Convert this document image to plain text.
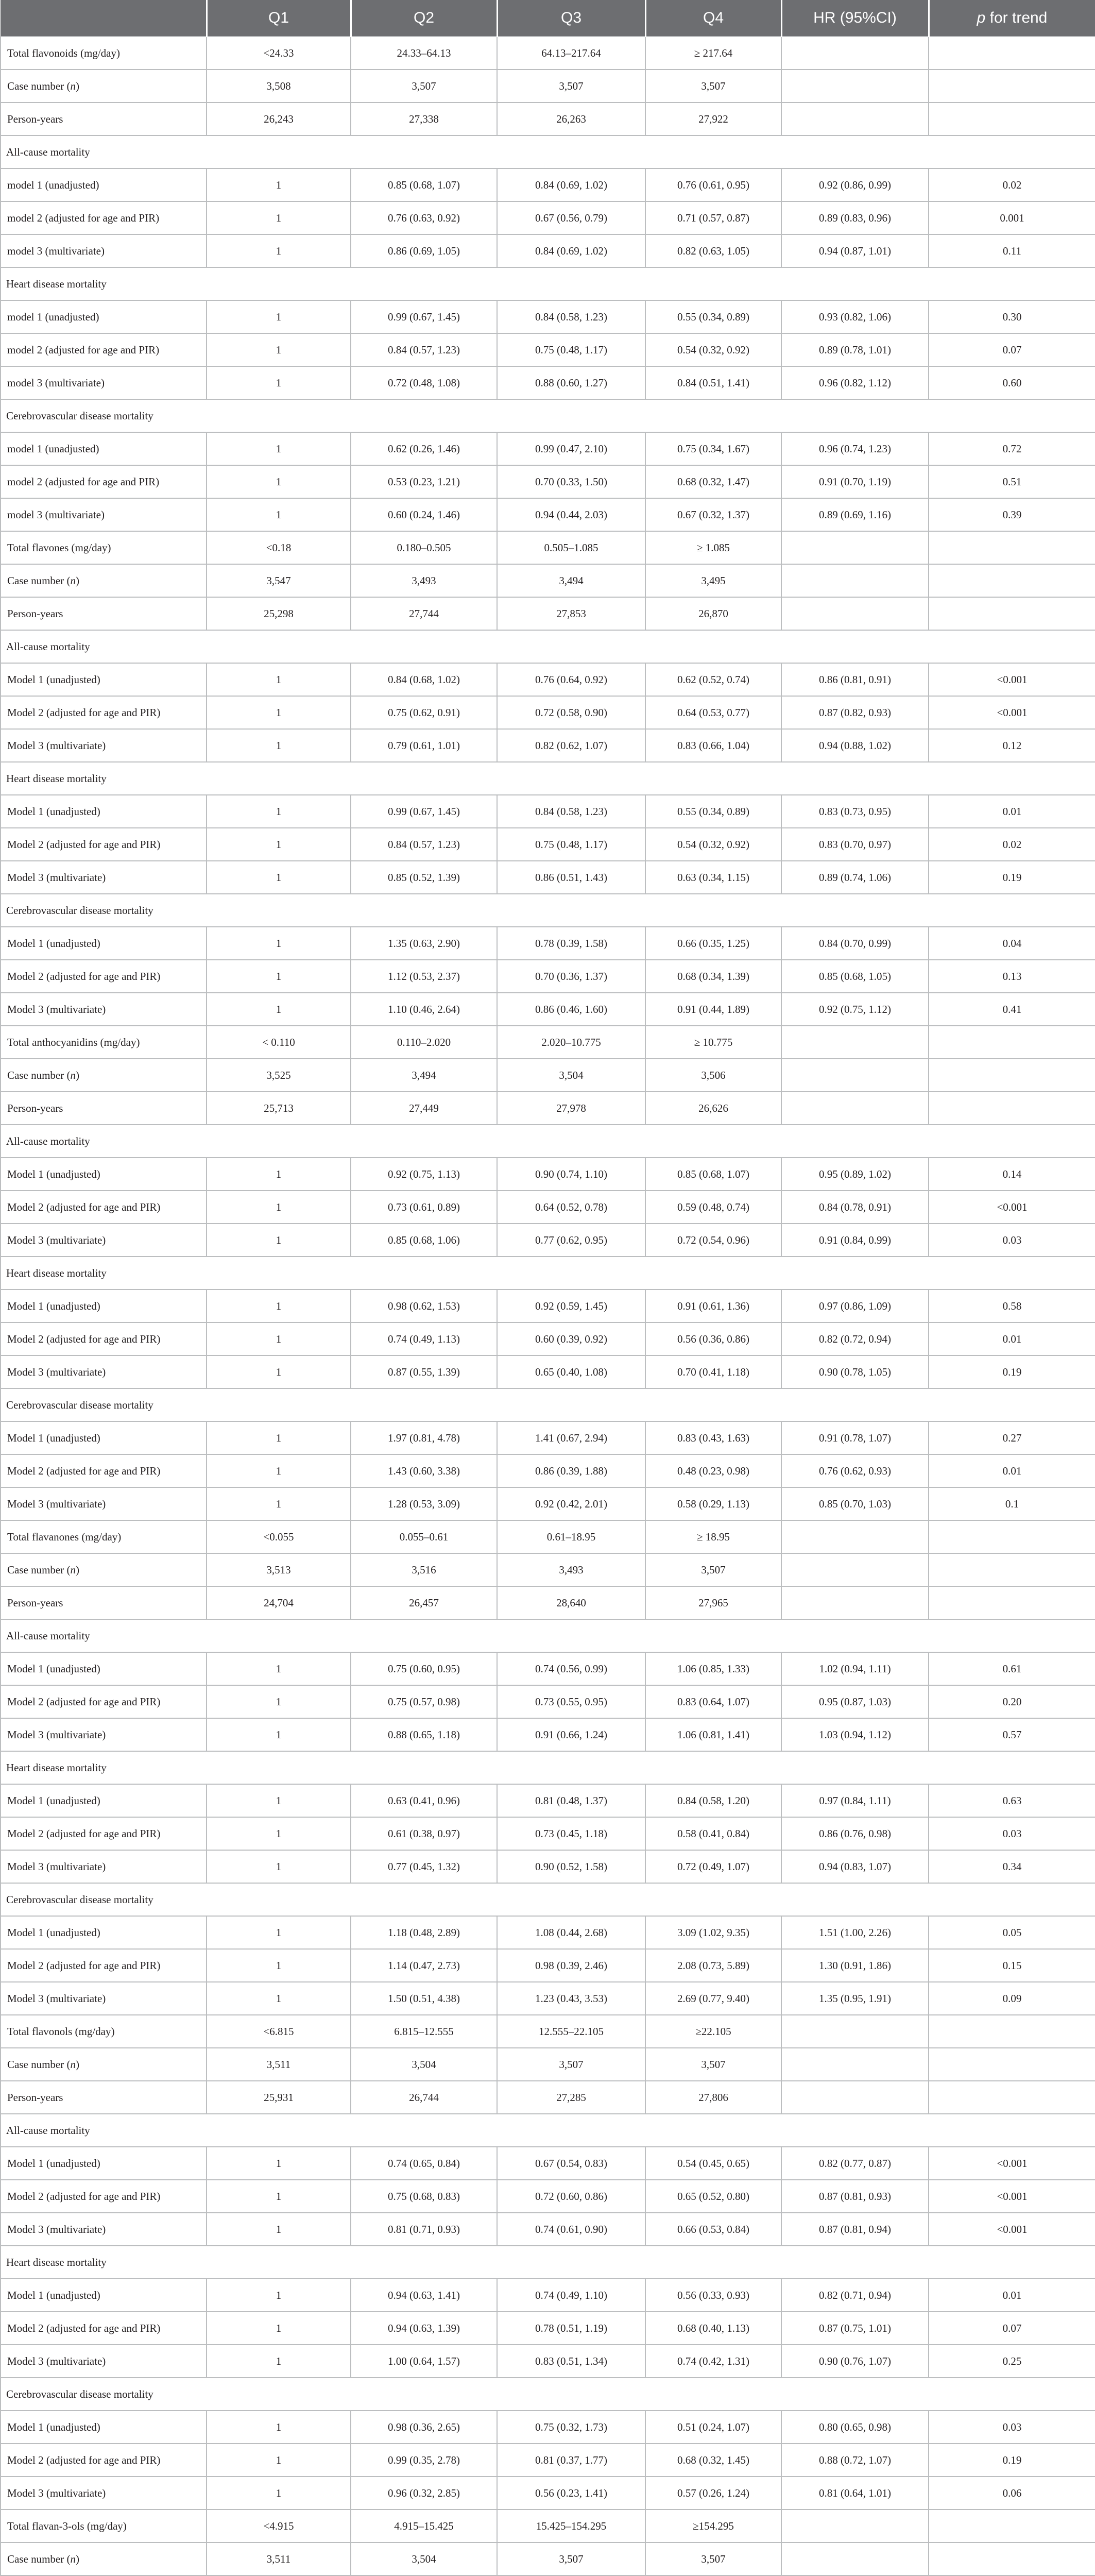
	Q1	Q2	Q3	Q4	HR (95%CI)	p for trend
Total flavonoids (mg/day)	<24.33	24.33–64.13	64.13–217.64	≥ 217.64		
Case number (n)	3,508	3,507	3,507	3,507		
Person-years	26,243	27,338	26,263	27,922		
All-cause mortality						
model 1 (unadjusted)	1	0.85 (0.68, 1.07)	0.84 (0.69, 1.02)	0.76 (0.61, 0.95)	0.92 (0.86, 0.99)	0.02
model 2 (adjusted for age and PIR)	1	0.76 (0.63, 0.92)	0.67 (0.56, 0.79)	0.71 (0.57, 0.87)	0.89 (0.83, 0.96)	0.001
model 3 (multivariate)	1	0.86 (0.69, 1.05)	0.84 (0.69, 1.02)	0.82 (0.63, 1.05)	0.94 (0.87, 1.01)	0.11
Heart disease mortality						
model 1 (unadjusted)	1	0.99 (0.67, 1.45)	0.84 (0.58, 1.23)	0.55 (0.34, 0.89)	0.93 (0.82, 1.06)	0.30
model 2 (adjusted for age and PIR)	1	0.84 (0.57, 1.23)	0.75 (0.48, 1.17)	0.54 (0.32, 0.92)	0.89 (0.78, 1.01)	0.07
model 3 (multivariate)	1	0.72 (0.48, 1.08)	0.88 (0.60, 1.27)	0.84 (0.51, 1.41)	0.96 (0.82, 1.12)	0.60
Cerebrovascular disease mortality						
model 1 (unadjusted)	1	0.62 (0.26, 1.46)	0.99 (0.47, 2.10)	0.75 (0.34, 1.67)	0.96 (0.74, 1.23)	0.72
model 2 (adjusted for age and PIR)	1	0.53 (0.23, 1.21)	0.70 (0.33, 1.50)	0.68 (0.32, 1.47)	0.91 (0.70, 1.19)	0.51
model 3 (multivariate)	1	0.60 (0.24, 1.46)	0.94 (0.44, 2.03)	0.67 (0.32, 1.37)	0.89 (0.69, 1.16)	0.39
Total flavones (mg/day)	<0.18	0.180–0.505	0.505–1.085	≥ 1.085		
Case number (n)	3,547	3,493	3,494	3,495		
Person-years	25,298	27,744	27,853	26,870		
All-cause mortality						
Model 1 (unadjusted)	1	0.84 (0.68, 1.02)	0.76 (0.64, 0.92)	0.62 (0.52, 0.74)	0.86 (0.81, 0.91)	<0.001
Model 2 (adjusted for age and PIR)	1	0.75 (0.62, 0.91)	0.72 (0.58, 0.90)	0.64 (0.53, 0.77)	0.87 (0.82, 0.93)	<0.001
Model 3 (multivariate)	1	0.79 (0.61, 1.01)	0.82 (0.62, 1.07)	0.83 (0.66, 1.04)	0.94 (0.88, 1.02)	0.12
Heart disease mortality						
Model 1 (unadjusted)	1	0.99 (0.67, 1.45)	0.84 (0.58, 1.23)	0.55 (0.34, 0.89)	0.83 (0.73, 0.95)	0.01
Model 2 (adjusted for age and PIR)	1	0.84 (0.57, 1.23)	0.75 (0.48, 1.17)	0.54 (0.32, 0.92)	0.83 (0.70, 0.97)	0.02
Model 3 (multivariate)	1	0.85 (0.52, 1.39)	0.86 (0.51, 1.43)	0.63 (0.34, 1.15)	0.89 (0.74, 1.06)	0.19
Cerebrovascular disease mortality						
Model 1 (unadjusted)	1	1.35 (0.63, 2.90)	0.78 (0.39, 1.58)	0.66 (0.35, 1.25)	0.84 (0.70, 0.99)	0.04
Model 2 (adjusted for age and PIR)	1	1.12 (0.53, 2.37)	0.70 (0.36, 1.37)	0.68 (0.34, 1.39)	0.85 (0.68, 1.05)	0.13
Model 3 (multivariate)	1	1.10 (0.46, 2.64)	0.86 (0.46, 1.60)	0.91 (0.44, 1.89)	0.92 (0.75, 1.12)	0.41
Total anthocyanidins (mg/day)	< 0.110	0.110–2.020	2.020–10.775	≥ 10.775		
Case number (n)	3,525	3,494	3,504	3,506		
Person-years	25,713	27,449	27,978	26,626		
All-cause mortality						
Model 1 (unadjusted)	1	0.92 (0.75, 1.13)	0.90 (0.74, 1.10)	0.85 (0.68, 1.07)	0.95 (0.89, 1.02)	0.14
Model 2 (adjusted for age and PIR)	1	0.73 (0.61, 0.89)	0.64 (0.52, 0.78)	0.59 (0.48, 0.74)	0.84 (0.78, 0.91)	<0.001
Model 3 (multivariate)	1	0.85 (0.68, 1.06)	0.77 (0.62, 0.95)	0.72 (0.54, 0.96)	0.91 (0.84, 0.99)	0.03
Heart disease mortality						
Model 1 (unadjusted)	1	0.98 (0.62, 1.53)	0.92 (0.59, 1.45)	0.91 (0.61, 1.36)	0.97 (0.86, 1.09)	0.58
Model 2 (adjusted for age and PIR)	1	0.74 (0.49, 1.13)	0.60 (0.39, 0.92)	0.56 (0.36, 0.86)	0.82 (0.72, 0.94)	0.01
Model 3 (multivariate)	1	0.87 (0.55, 1.39)	0.65 (0.40, 1.08)	0.70 (0.41, 1.18)	0.90 (0.78, 1.05)	0.19
Cerebrovascular disease mortality						
Model 1 (unadjusted)	1	1.97 (0.81, 4.78)	1.41 (0.67, 2.94)	0.83 (0.43, 1.63)	0.91 (0.78, 1.07)	0.27
Model 2 (adjusted for age and PIR)	1	1.43 (0.60, 3.38)	0.86 (0.39, 1.88)	0.48 (0.23, 0.98)	0.76 (0.62, 0.93)	0.01
Model 3 (multivariate)	1	1.28 (0.53, 3.09)	0.92 (0.42, 2.01)	0.58 (0.29, 1.13)	0.85 (0.70, 1.03)	0.1
Total flavanones (mg/day)	<0.055	0.055–0.61	0.61–18.95	≥ 18.95		
Case number (n)	3,513	3,516	3,493	3,507		
Person-years	24,704	26,457	28,640	27,965		
All-cause mortality						
Model 1 (unadjusted)	1	0.75 (0.60, 0.95)	0.74 (0.56, 0.99)	1.06 (0.85, 1.33)	1.02 (0.94, 1.11)	0.61
Model 2 (adjusted for age and PIR)	1	0.75 (0.57, 0.98)	0.73 (0.55, 0.95)	0.83 (0.64, 1.07)	0.95 (0.87, 1.03)	0.20
Model 3 (multivariate)	1	0.88 (0.65, 1.18)	0.91 (0.66, 1.24)	1.06 (0.81, 1.41)	1.03 (0.94, 1.12)	0.57
Heart disease mortality						
Model 1 (unadjusted)	1	0.63 (0.41, 0.96)	0.81 (0.48, 1.37)	0.84 (0.58, 1.20)	0.97 (0.84, 1.11)	0.63
Model 2 (adjusted for age and PIR)	1	0.61 (0.38, 0.97)	0.73 (0.45, 1.18)	0.58 (0.41, 0.84)	0.86 (0.76, 0.98)	0.03
Model 3 (multivariate)	1	0.77 (0.45, 1.32)	0.90 (0.52, 1.58)	0.72 (0.49, 1.07)	0.94 (0.83, 1.07)	0.34
Cerebrovascular disease mortality						
Model 1 (unadjusted)	1	1.18 (0.48, 2.89)	1.08 (0.44, 2.68)	3.09 (1.02, 9.35)	1.51 (1.00, 2.26)	0.05
Model 2 (adjusted for age and PIR)	1	1.14 (0.47, 2.73)	0.98 (0.39, 2.46)	2.08 (0.73, 5.89)	1.30 (0.91, 1.86)	0.15
Model 3 (multivariate)	1	1.50 (0.51, 4.38)	1.23 (0.43, 3.53)	2.69 (0.77, 9.40)	1.35 (0.95, 1.91)	0.09
Total flavonols (mg/day)	<6.815	6.815–12.555	12.555–22.105	≥22.105		
Case number (n)	3,511	3,504	3,507	3,507		
Person-years	25,931	26,744	27,285	27,806		
All-cause mortality						
Model 1 (unadjusted)	1	0.74 (0.65, 0.84)	0.67 (0.54, 0.83)	0.54 (0.45, 0.65)	0.82 (0.77, 0.87)	<0.001
Model 2 (adjusted for age and PIR)	1	0.75 (0.68, 0.83)	0.72 (0.60, 0.86)	0.65 (0.52, 0.80)	0.87 (0.81, 0.93)	<0.001
Model 3 (multivariate)	1	0.81 (0.71, 0.93)	0.74 (0.61, 0.90)	0.66 (0.53, 0.84)	0.87 (0.81, 0.94)	<0.001
Heart disease mortality						
Model 1 (unadjusted)	1	0.94 (0.63, 1.41)	0.74 (0.49, 1.10)	0.56 (0.33, 0.93)	0.82 (0.71, 0.94)	0.01
Model 2 (adjusted for age and PIR)	1	0.94 (0.63, 1.39)	0.78 (0.51, 1.19)	0.68 (0.40, 1.13)	0.87 (0.75, 1.01)	0.07
Model 3 (multivariate)	1	1.00 (0.64, 1.57)	0.83 (0.51, 1.34)	0.74 (0.42, 1.31)	0.90 (0.76, 1.07)	0.25
Cerebrovascular disease mortality						
Model 1 (unadjusted)	1	0.98 (0.36, 2.65)	0.75 (0.32, 1.73)	0.51 (0.24, 1.07)	0.80 (0.65, 0.98)	0.03
Model 2 (adjusted for age and PIR)	1	0.99 (0.35, 2.78)	0.81 (0.37, 1.77)	0.68 (0.32, 1.45)	0.88 (0.72, 1.07)	0.19
Model 3 (multivariate)	1	0.96 (0.32, 2.85)	0.56 (0.23, 1.41)	0.57 (0.26, 1.24)	0.81 (0.64, 1.01)	0.06
Total flavan-3-ols (mg/day)	<4.915	4.915–15.425	15.425–154.295	≥154.295		
Case number (n)	3,511	3,504	3,507	3,507		
